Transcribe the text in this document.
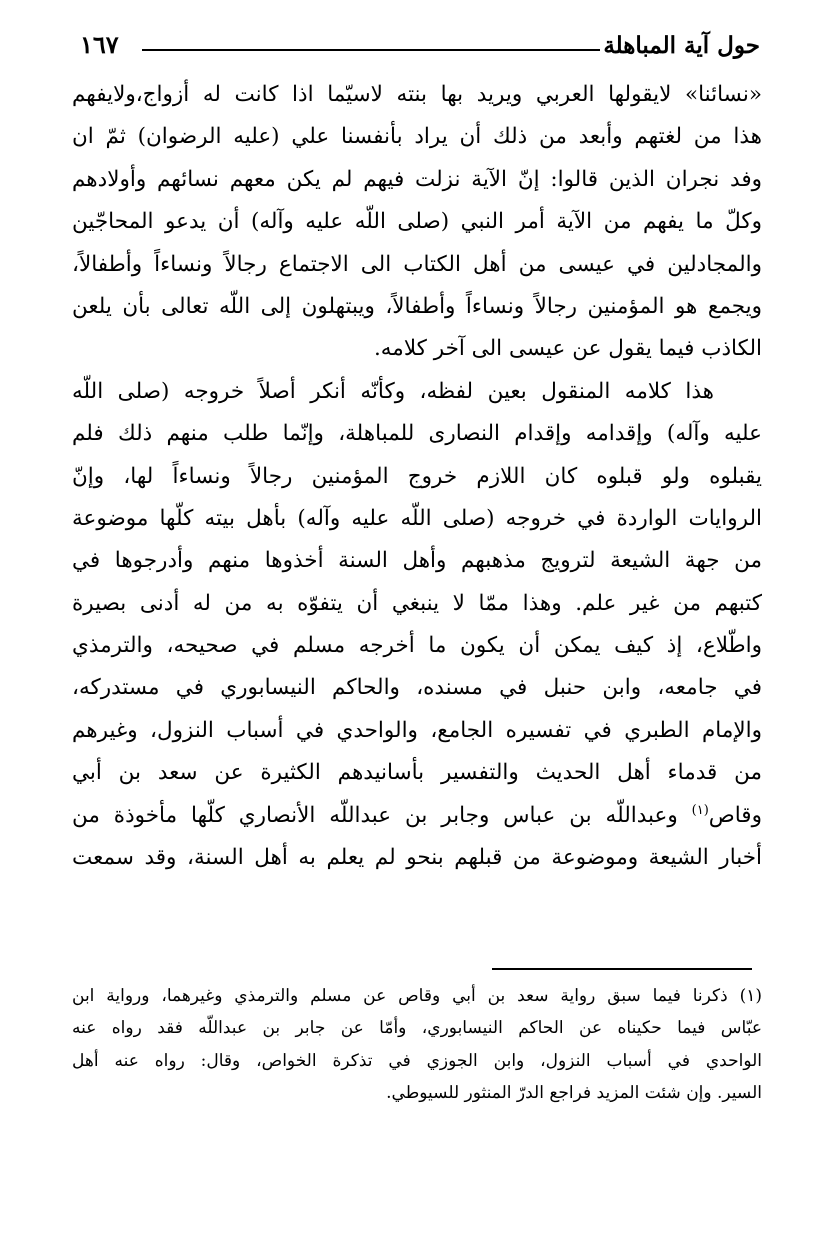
حول آية المباهلة
١٦٧
«نسائنا» لايقولها العربي ويريد بها بنته لاسيّما اذا كانت له أزواج،ولايفهم
هذا من لغتهم وأبعد من ذلك أن يراد بأنفسنا علي (عليه الرضوان) ثمّ ان
وفد نجران الذين قالوا: إنّ الآية نزلت فيهم لم يكن معهم نسائهم وأولادهم
وكلّ ما يفهم من الآية أمر النبي (صلى اللّه عليه وآله) أن يدعو المحاجّين
والمجادلين في عيسى من أهل الكتاب الى الاجتماع رجالاً ونساءاً وأطفالاً،
ويجمع هو المؤمنين رجالاً ونساءاً وأطفالاً، ويبتهلون إلى اللّه تعالى بأن يلعن
الكاذب فيما يقول عن عيسى الى آخر كلامه.
هذا كلامه المنقول بعين لفظه، وكأنّه أنكر أصلاً خروجه (صلى اللّه
عليه وآله) وإقدامه وإقدام النصارى للمباهلة، وإنّما طلب منهم ذلك فلم
يقبلوه ولو قبلوه كان اللازم خروج المؤمنين رجالاً ونساءاً لها، وإنّ
الروايات الواردة في خروجه (صلى اللّه عليه وآله) بأهل بيته كلّها موضوعة
من جهة الشيعة لترويج مذهبهم وأهل السنة أخذوها منهم وأدرجوها في
كتبهم من غير علم. وهذا ممّا لا ينبغي أن يتفوّه به من له أدنى بصيرة
واطّلاع، إذ كيف يمكن أن يكون ما أخرجه مسلم في صحيحه، والترمذي
في جامعه، وابن حنبل في مسنده، والحاكم النيسابوري في مستدركه،
والإمام الطبري في تفسيره الجامع، والواحدي في أسباب النزول، وغيرهم
من قدماء أهل الحديث والتفسير بأسانيدهم الكثيرة عن سعد بن أبي
وقاص$^{(١)}$ وعبداللّه بن عباس وجابر بن عبداللّه الأنصاري كلّها مأخوذة من
أخبار الشيعة وموضوعة من قبلهم بنحو لم يعلم به أهل السنة، وقد سمعت
(١) ذكرنا فيما سبق رواية سعد بن أبي وقاص عن مسلم والترمذي وغيرهما، ورواية ابن
عبّاس فيما حكيناه عن الحاكم النيسابوري، وأمّا عن جابر بن عبداللّه فقد رواه عنه
الواحدي في أسباب النزول، وابن الجوزي في تذكرة الخواص، وقال: رواه عنه أهل
السير. وإن شئت المزيد فراجع الدرّ المنثور للسيوطي.
